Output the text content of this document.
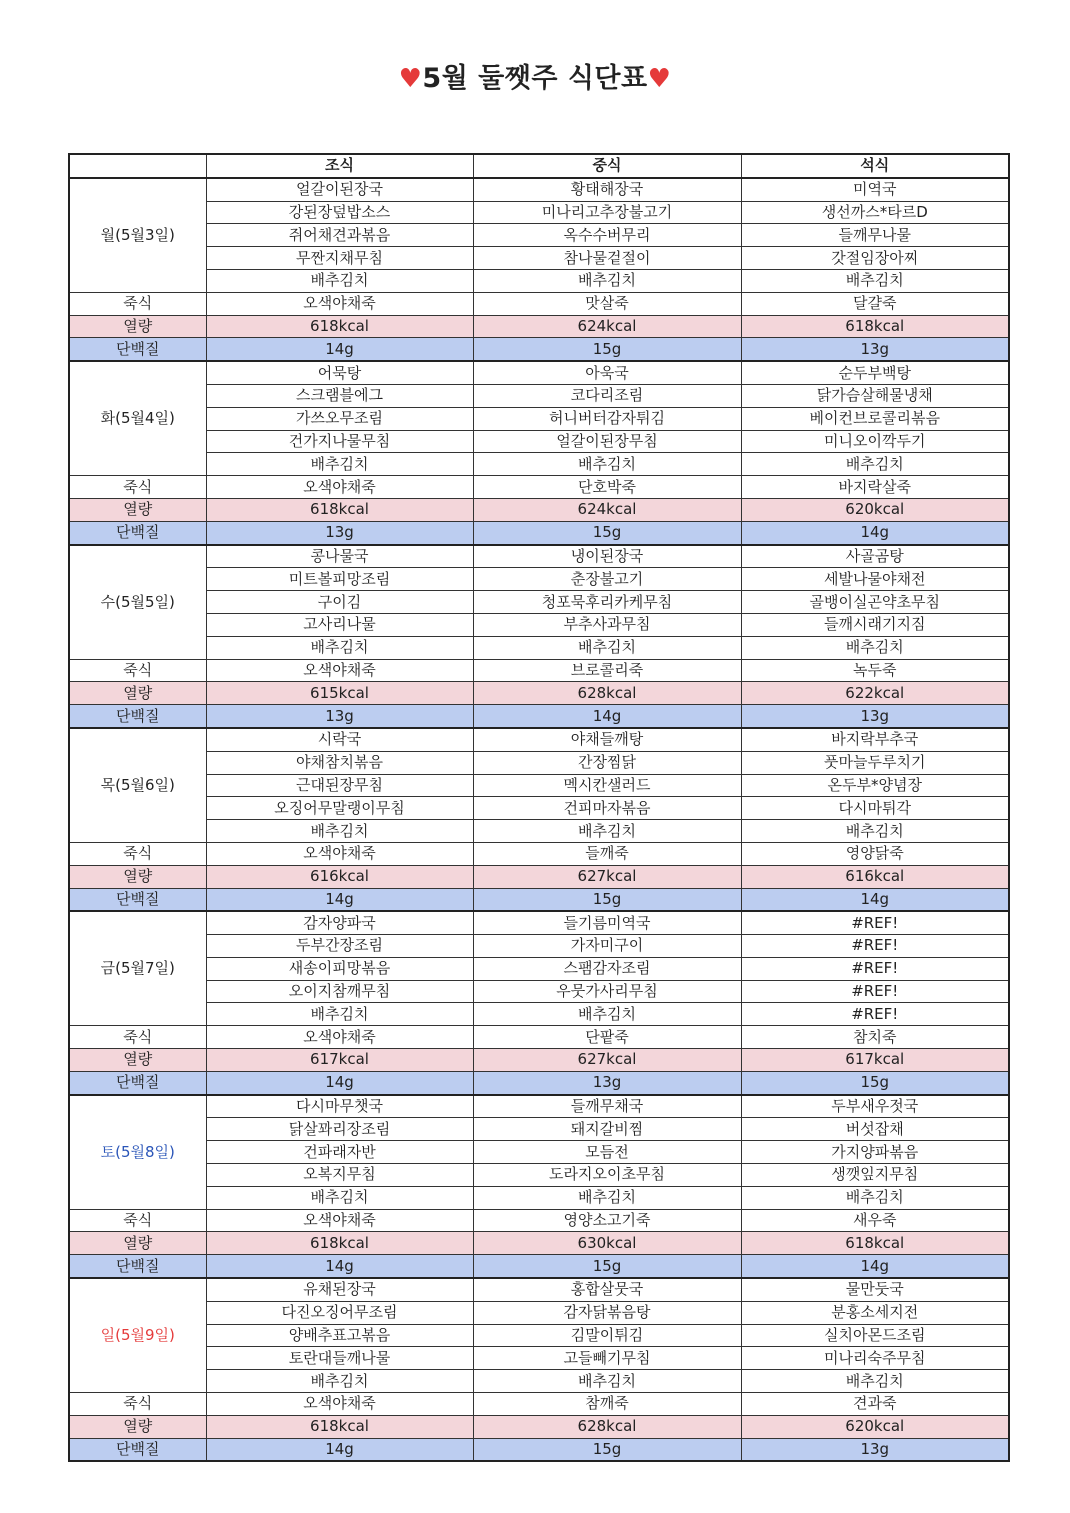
♥5월 둘쨋주 식단표♥
	조식	중식	석식
월(5월3일)	얼갈이된장국	황태해장국	미역국
	강된장덮밥소스	미나리고추장불고기	생선까스*타르D
	쥐어채견과볶음	옥수수버무리	들깨무나물
	무짠지채무침	참나물겉절이	갓절임장아찌
	배추김치	배추김치	배추김치
죽식	오색야채죽	맛살죽	달걀죽
열량	618kcal	624kcal	618kcal
단백질	14g	15g	13g
화(5월4일)	어묵탕	아욱국	순두부백탕
	스크램블에그	코다리조림	닭가슴살해물냉채
	가쓰오무조림	허니버터감자튀김	베이컨브로콜리볶음
	건가지나물무침	얼갈이된장무침	미니오이깍두기
	배추김치	배추김치	배추김치
죽식	오색야채죽	단호박죽	바지락살죽
열량	618kcal	624kcal	620kcal
단백질	13g	15g	14g
수(5월5일)	콩나물국	냉이된장국	사골곰탕
	미트볼피망조림	춘장불고기	세발나물야채전
	구이김	청포묵후리카케무침	골뱅이실곤약초무침
	고사리나물	부추사과무침	들깨시래기지짐
	배추김치	배추김치	배추김치
죽식	오색야채죽	브로콜리죽	녹두죽
열량	615kcal	628kcal	622kcal
단백질	13g	14g	13g
목(5월6일)	시락국	야채들깨탕	바지락부추국
	야채참치볶음	간장찜닭	풋마늘두루치기
	근대된장무침	멕시칸샐러드	온두부*양념장
	오징어무말랭이무침	건피마자볶음	다시마튀각
	배추김치	배추김치	배추김치
죽식	오색야채죽	들깨죽	영양닭죽
열량	616kcal	627kcal	616kcal
단백질	14g	15g	14g
금(5월7일)	감자양파국	들기름미역국	#REF!
	두부간장조림	가자미구이	#REF!
	새송이피망볶음	스팸감자조림	#REF!
	오이지참깨무침	우뭇가사리무침	#REF!
	배추김치	배추김치	#REF!
죽식	오색야채죽	단팥죽	참치죽
열량	617kcal	627kcal	617kcal
단백질	14g	13g	15g
토(5월8일)	다시마무챗국	들깨무채국	두부새우젓국
	닭살꽈리장조림	돼지갈비찜	버섯잡채
	건파래자반	모듬전	가지양파볶음
	오복지무침	도라지오이초무침	생깻잎지무침
	배추김치	배추김치	배추김치
죽식	오색야채죽	영양소고기죽	새우죽
열량	618kcal	630kcal	618kcal
단백질	14g	15g	14g
일(5월9일)	유채된장국	홍합살뭇국	물만둣국
	다진오징어무조림	감자닭볶음탕	분홍소세지전
	양배추표고볶음	김말이튀김	실치아몬드조림
	토란대들깨나물	고들빼기무침	미나리숙주무침
	배추김치	배추김치	배추김치
죽식	오색야채죽	참깨죽	견과죽
열량	618kcal	628kcal	620kcal
단백질	14g	15g	13g
